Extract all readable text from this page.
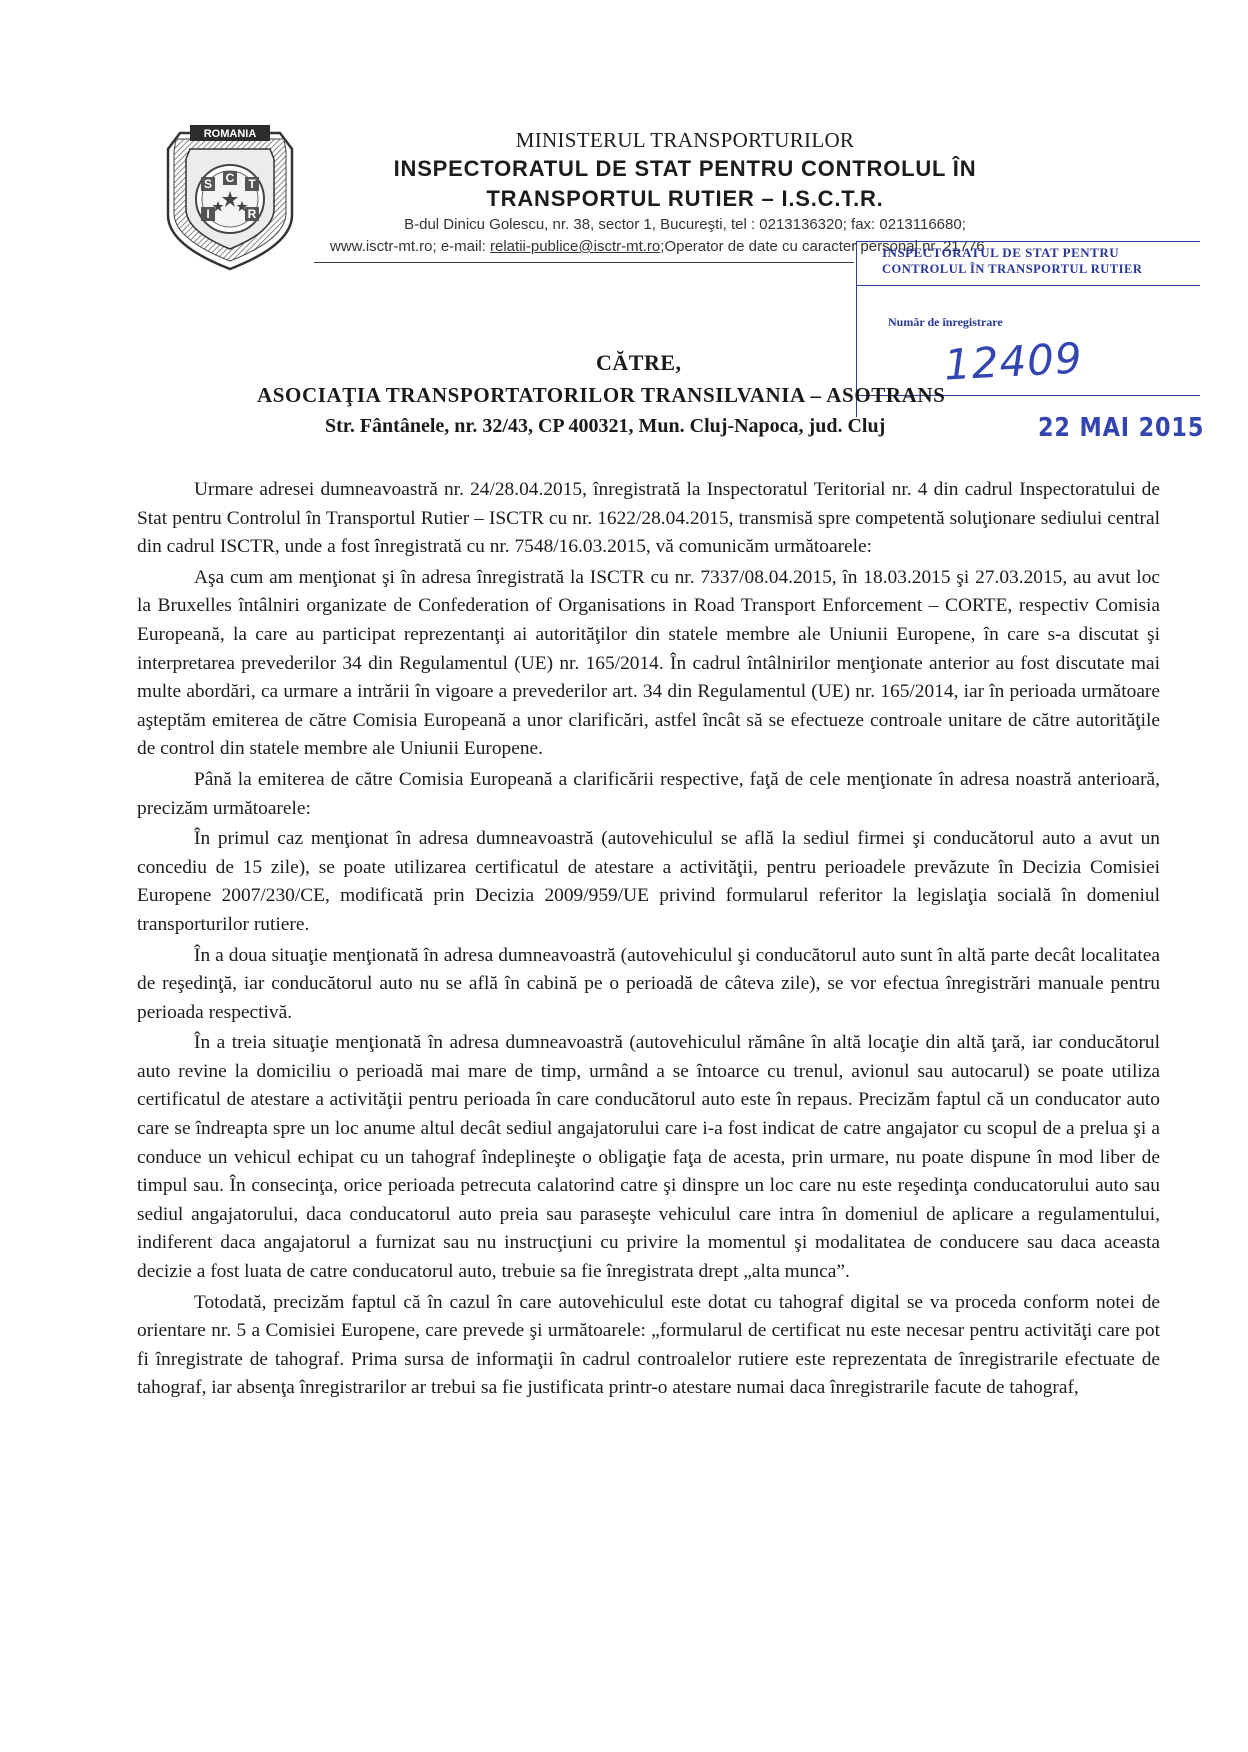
ROMANIA
S C T
I	R
MINISTERUL TRANSPORTURILOR
INSPECTORATUL DE STAT PENTRU CONTROLUL ÎN
TRANSPORTUL RUTIER – I.S.C.T.R.
B-dul Dinicu Golescu, nr. 38, sector 1, Bucureşti, tel : 0213136320; fax: 0213116680;
www.isctr-mt.ro; e-mail: relatii-publice@isctr-mt.ro;Operator de date cu caracter personal nr. 21776
INSPECTORATUL DE STAT PENTRU
CONTROLUL ÎN TRANSPORTUL RUTIER
Număr de înregistrare
12409
22 MAI 2015
CĂTRE,
ASOCIAŢIA TRANSPORTATORILOR TRANSILVANIA – ASOTRANS
Str. Fântânele, nr. 32/43, CP 400321, Mun. Cluj-Napoca, jud. Cluj

Urmare adresei dumneavoastră nr. 24/28.04.2015, înregistrată la Inspectoratul Teritorial nr. 4 din cadrul Inspectoratului de Stat pentru Controlul în Transportul Rutier – ISCTR cu nr. 1622/28.04.2015, transmisă spre competentă soluţionare sediului central din cadrul ISCTR, unde a fost înregistrată cu nr. 7548/16.03.2015, vă comunicăm următoarele:

Aşa cum am menţionat şi în adresa înregistrată la ISCTR cu nr. 7337/08.04.2015, în 18.03.2015 şi 27.03.2015, au avut loc la Bruxelles întâlniri organizate de Confederation of Organisations in Road Transport Enforcement – CORTE, respectiv Comisia Europeană, la care au participat reprezentanţi ai autorităţilor din statele membre ale Uniunii Europene, în care s-a discutat şi interpretarea prevederilor 34 din Regulamentul (UE) nr. 165/2014. În cadrul întâlnirilor menţionate anterior au fost discutate mai multe abordări, ca urmare a intrării în vigoare a prevederilor art. 34 din Regulamentul (UE) nr. 165/2014, iar în perioada următoare aşteptăm emiterea de către Comisia Europeană a unor clarificări, astfel încât să se efectueze controale unitare de către autorităţile de control din statele membre ale Uniunii Europene.

Până la emiterea de către Comisia Europeană a clarificării respective, faţă de cele menţionate în adresa noastră anterioară, precizăm următoarele:

În primul caz menţionat în adresa dumneavoastră (autovehiculul se află la sediul firmei şi conducătorul auto a avut un concediu de 15 zile), se poate utilizarea certificatul de atestare a activităţii, pentru perioadele prevăzute în Decizia Comisiei Europene 2007/230/CE, modificată prin Decizia 2009/959/UE privind formularul referitor la legislaţia socială în domeniul transporturilor rutiere.

În a doua situaţie menţionată în adresa dumneavoastră (autovehiculul şi conducătorul auto sunt în altă parte decât localitatea de reşedinţă, iar conducătorul auto nu se află în cabină pe o perioadă de câteva zile), se vor efectua înregistrări manuale pentru perioada respectivă.

În a treia situaţie menţionată în adresa dumneavoastră (autovehiculul rămâne în altă locaţie din altă ţară, iar conducătorul auto revine la domiciliu o perioadă mai mare de timp, urmând a se întoarce cu trenul, avionul sau autocarul) se poate utiliza certificatul de atestare a activităţii pentru perioada în care conducătorul auto este în repaus. Precizăm faptul că un conducator auto care se îndreapta spre un loc anume altul decât sediul angajatorului care i-a fost indicat de catre angajator cu scopul de a prelua şi a conduce un vehicul echipat cu un tahograf îndeplineşte o obligaţie faţa de acesta, prin urmare, nu poate dispune în mod liber de timpul sau. În consecinţa, orice perioada petrecuta calatorind catre şi dinspre un loc care nu este reşedinţa conducatorului auto sau sediul angajatorului, daca conducatorul auto preia sau paraseşte vehiculul care intra în domeniul de aplicare a regulamentului, indiferent daca angajatorul a furnizat sau nu instrucţiuni cu privire la momentul şi modalitatea de conducere sau daca aceasta decizie a fost luata de catre conducatorul auto, trebuie sa fie înregistrata drept „alta munca”.

Totodată, precizăm faptul că în cazul în care autovehiculul este dotat cu tahograf digital se va proceda conform notei de orientare nr. 5 a Comisiei Europene, care prevede şi următoarele: „formularul de certificat nu este necesar pentru activităţi care pot fi înregistrate de tahograf. Prima sursa de informaţii în cadrul controalelor rutiere este reprezentata de înregistrarile efectuate de tahograf, iar absenţa înregistrarilor ar trebui sa fie justificata printr-o atestare numai daca înregistrarile facute de tahograf,
